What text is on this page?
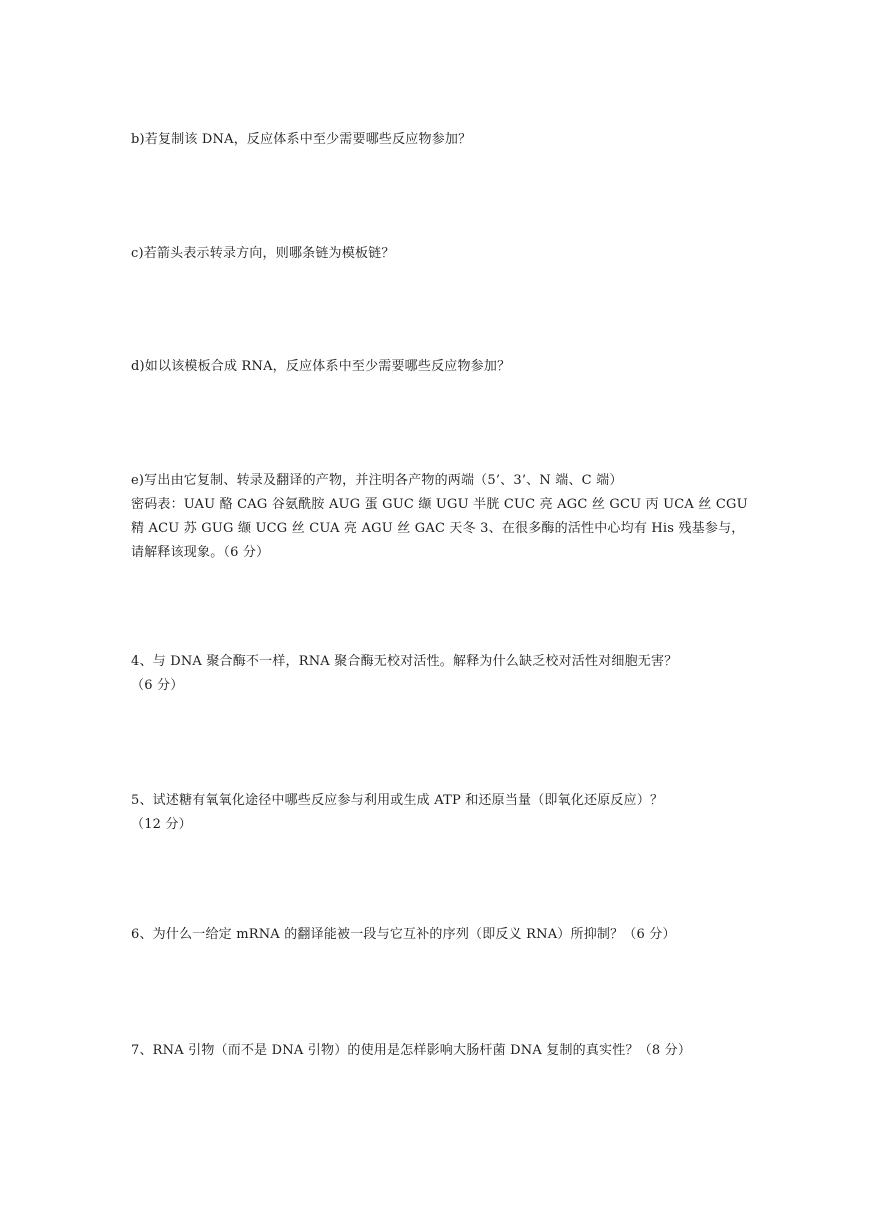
b)若复制该 DNA，反应体系中至少需要哪些反应物参加？
c)若箭头表示转录方向，则哪条链为模板链？
d)如以该模板合成 RNA，反应体系中至少需要哪些反应物参加？
e)写出由它复制、转录及翻译的产物，并注明各产物的两端（5’、3’、N 端、C 端）
密码表：UAU 酪 CAG 谷氨酰胺 AUG 蛋 GUC 缬 UGU 半胱 CUC 亮 AGC 丝 GCU 丙 UCA 丝 CGU
精 ACU 苏 GUG 缬 UCG 丝 CUA 亮 AGU 丝 GAC 天冬 3、在很多酶的活性中心均有 His 残基参与，
请解释该现象。（6 分）
4、与 DNA 聚合酶不一样，RNA 聚合酶无校对活性。解释为什么缺乏校对活性对细胞无害？
（6 分）
5、试述糖有氧氧化途径中哪些反应参与利用或生成 ATP 和还原当量（即氧化还原反应）？
（12 分）
6、为什么一给定 mRNA 的翻译能被一段与它互补的序列（即反义 RNA）所抑制？（6 分）
7、RNA 引物（而不是 DNA 引物）的使用是怎样影响大肠杆菌 DNA 复制的真实性？（8 分）
